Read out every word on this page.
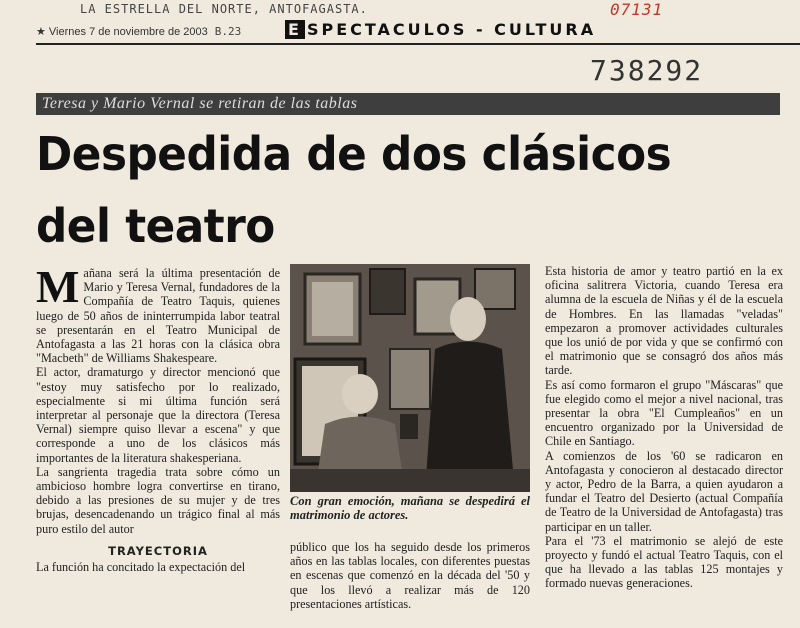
LA ESTRELLA DEL NORTE, ANTOFAGASTA.	07131
738292
★ Viernes 7 de noviembre de 2003 B.23	E SPECTACULOS - CULTURA
Teresa y Mario Vernal se retiran de las tablas
Despedida de dos clásicos
del teatro

Mañana será la última presentación de Mario y Teresa Vernal, fundadores de la Compañía de Teatro Taquis, quienes luego de 50 años de ininterrumpida labor teatral se presentarán en el Teatro Municipal de Antofagasta a las 21 horas con la clásica obra "Macbeth" de Williams Shakespeare.

El actor, dramaturgo y director mencionó que "estoy muy satisfecho por lo realizado, especialmente si mi última función será interpretar al personaje que la directora (Teresa Vernal) siempre quiso llevar a escena" y que corresponde a uno de los clásicos más importantes de la literatura shakesperiana.

La sangrienta tragedia trata sobre cómo un ambicioso hombre logra convertirse en tirano, debido a las presiones de su mujer y de tres brujas, desencadenando un trágico final al más puro estilo del autor

TRAYECTORIA

La función ha concitado la expectación del

Con gran emoción, mañana se despedirá el matrimonio de actores.

público que los ha seguido desde los primeros años en las tablas locales, con diferentes puestas en escenas que comenzó en la década del '50 y que los llevó a realizar más de 120 presentaciones artísticas.

Esta historia de amor y teatro partió en la ex oficina salitrera Victoria, cuando Teresa era alumna de la escuela de Niñas y él de la escuela de Hombres. En las llamadas "veladas" empezaron a promover actividades culturales que los unió de por vida y que se confirmó con el matrimonio que se consagró dos años más tarde.

Es así como formaron el grupo "Máscaras" que fue elegido como el mejor a nivel nacional, tras presentar la obra "El Cumpleaños" en un encuentro organizado por la Universidad de Chile en Santiago.

A comienzos de los '60 se radicaron en Antofagasta y conocieron al destacado director y actor, Pedro de la Barra, a quien ayudaron a fundar el Teatro del Desierto (actual Compañía de Teatro de la Universidad de Antofagasta) tras participar en un taller.

Para el '73 el matrimonio se alejó de este proyecto y fundó el actual Teatro Taquis, con el que ha llevado a las tablas 125 montajes y formado nuevas generaciones.
